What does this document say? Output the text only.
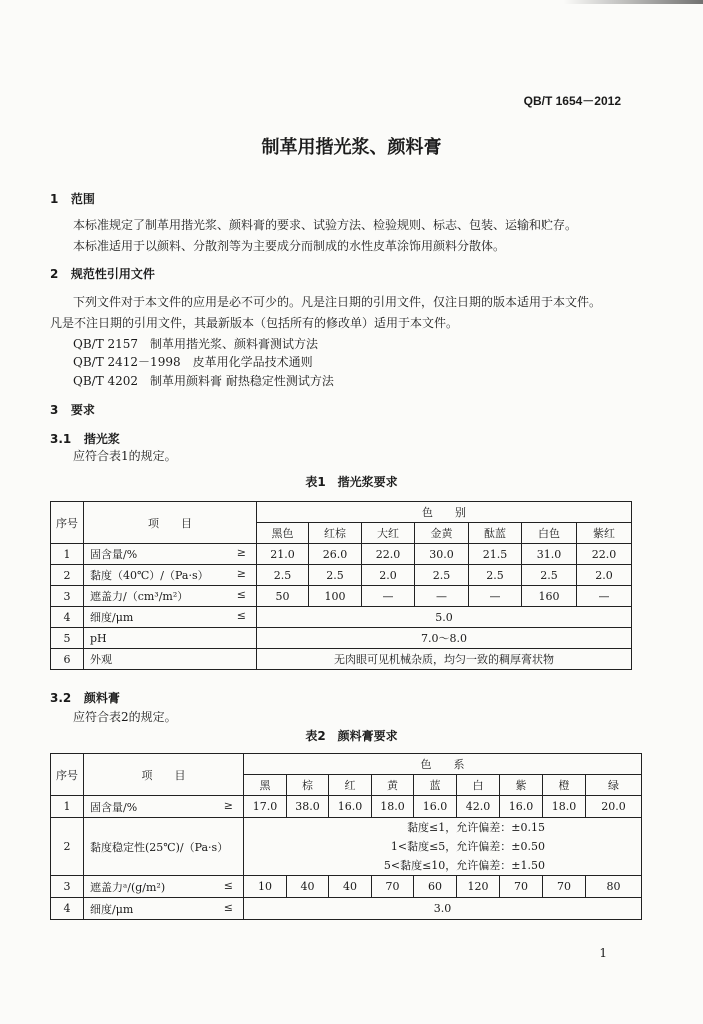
QB/T 1654－2012
制革用揩光浆、颜料膏
1 范围
本标准规定了制革用揩光浆、颜料膏的要求、试验方法、检验规则、标志、包装、运输和贮存。
本标准适用于以颜料、分散剂等为主要成分而制成的水性皮革涂饰用颜料分散体。
2 规范性引用文件
下列文件对于本文件的应用是必不可少的。凡是注日期的引用文件，仅注日期的版本适用于本文件。
凡是不注日期的引用文件，其最新版本（包括所有的修改单）适用于本文件。
QB/T 2157　制革用揩光浆、颜料膏测试方法
QB/T 2412－1998　皮革用化学品技术通则
QB/T 4202　制革用颜料膏 耐热稳定性测试方法
3 要求
3.1 揩光浆
应符合表1的规定。
表1　揩光浆要求
序号	项　　目	色　　别						
		黑色	红棕	大红	金黄	酞蓝	白色	紫红
1	固含量/% ≥	21.0	26.0	22.0	30.0	21.5	31.0	22.0
2	黏度（40℃）/（Pa·s） ≥	2.5	2.5	2.0	2.5	2.5	2.5	2.0
3	遮盖力/（cm³/m²） ≤	50	100	—	—	—	160	—
4	细度/μm ≤	5.0						
5	pH	7.0～8.0						
6	外观	无肉眼可见机械杂质，均匀一致的稠厚膏状物						
3.2 颜料膏
应符合表2的规定。
表2　颜料膏要求
序号	项　　目	色　　系								
		黑	棕	红	黄	蓝	白	紫	橙	绿
1	固含量/% ≥	17.0	38.0	16.0	18.0	16.0	42.0	16.0	18.0	20.0
2	黏度稳定性(25℃)/（Pa·s）	黏度≤1，允许偏差：±0.15
1<黏度≤5，允许偏差：±0.50
5<黏度≤10，允许偏差：±1.50								

3	遮盖力ᵃ/(g/m²) ≤	10	40	40	70	60	120	70	70	80
4	细度/μm ≤	3.0								
1
